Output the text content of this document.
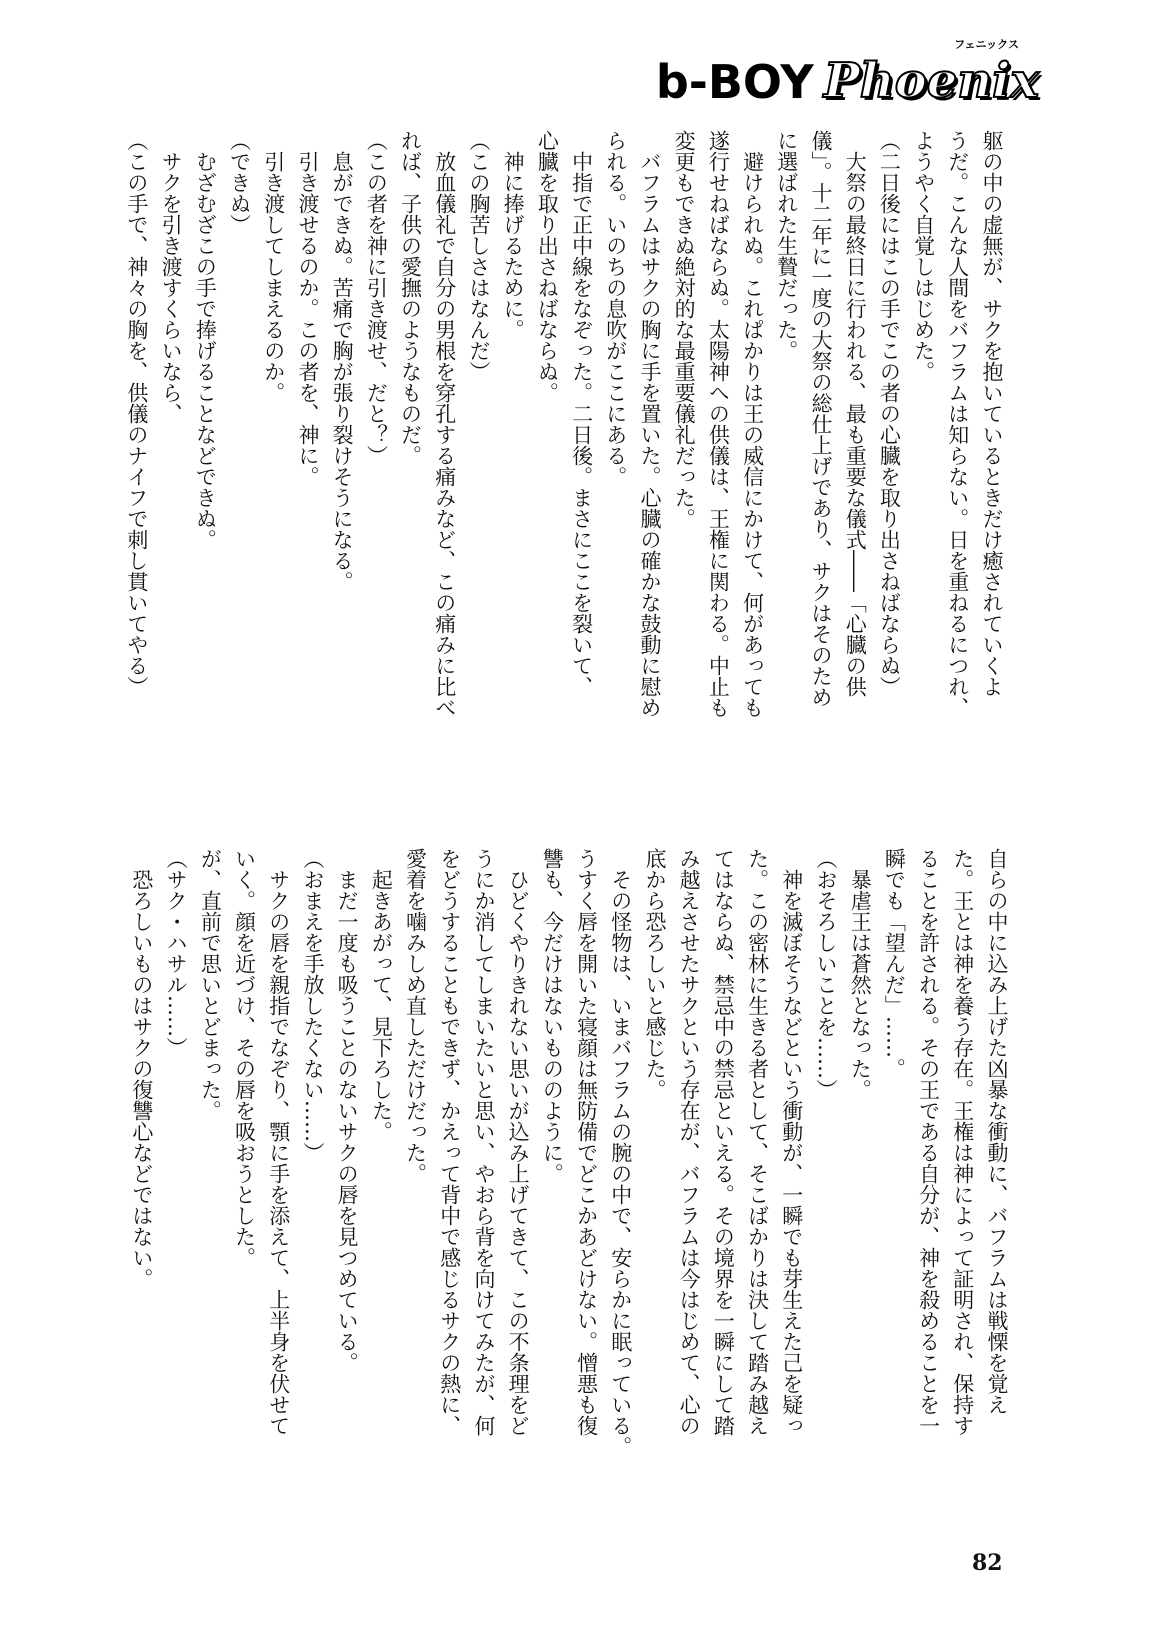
b-BOY
フェニックス
Phoenix
躯の中の虚無が、サクを抱いているときだけ癒されていくよ
うだ。こんな人間をバフラムは知らない。日を重ねるにつれ、
ようやく自覚しはじめた。
（二日後にはこの手でこの者の心臓を取り出さねばならぬ）
　大祭の最終日に行われる、最も重要な儀式――「心臓の供
儀」。十二年に一度の大祭の総仕上げであり、サクはそのため
に選ばれた生贄だった。
　避けられぬ。これぱかりは王の威信にかけて、何があっても
遂行せねばならぬ。太陽神への供儀は、王権に関わる。中止も
変更もできぬ絶対的な最重要儀礼だった。
　バフラムはサクの胸に手を置いた。心臓の確かな鼓動に慰め
られる。いのちの息吹がここにある。
　中指で正中線をなぞった。二日後。まさにここを裂いて、
心臓を取り出さねばならぬ。
　神に捧げるために。
（この胸苦しさはなんだ）
　放血儀礼で自分の男根を穿孔する痛みなど、この痛みに比べ
れば、子供の愛撫のようなものだ。
（この者を神に引き渡せ、だと？）
　息ができぬ。苦痛で胸が張り裂けそうになる。
　引き渡せるのか。この者を、神に。
　引き渡してしまえるのか。
（できぬ）
　むざむざこの手で捧げることなどできぬ。
　サクを引き渡すくらいなら、
（この手で、神々の胸を、供儀のナイフで刺し貫いてやる）
自らの中に込み上げた凶暴な衝動に、バフラムは戦慄を覚え
た。王とは神を養う存在。王権は神によって証明され、保持す
ることを許される。その王である自分が、神を殺めることを一
瞬でも「望んだ」……。
　暴虐王は蒼然となった。
（おそろしいことを……）
　神を滅ぼそうなどという衝動が、一瞬でも芽生えた己を疑っ
た。この密林に生きる者として、そこばかりは決して踏み越え
てはならぬ、禁忌中の禁忌といえる。その境界を一瞬にして踏
み越えさせたサクという存在が、バフラムは今はじめて、心の
底から恐ろしいと感じた。
　その怪物は、いまバフラムの腕の中で、安らかに眠っている。
うすく唇を開いた寝顔は無防備でどこかあどけない。憎悪も復
讐も、今だけはないもののように。
　ひどくやりきれない思いが込み上げてきて、この不条理をど
うにか消してしまいたいと思い、やおら背を向けてみたが、何
をどうすることもできず、かえって背中で感じるサクの熱に、
愛着を噛みしめ直しただけだった。
　起きあがって、見下ろした。
　まだ一度も吸うことのないサクの唇を見つめている。
（おまえを手放したくない……）
　サクの唇を親指でなぞり、顎に手を添えて、上半身を伏せて
いく。顔を近づけ、その唇を吸おうとした。
が、直前で思いとどまった。
（サク・ハサル……）
　恐ろしいものはサクの復讐心などではない。
82
